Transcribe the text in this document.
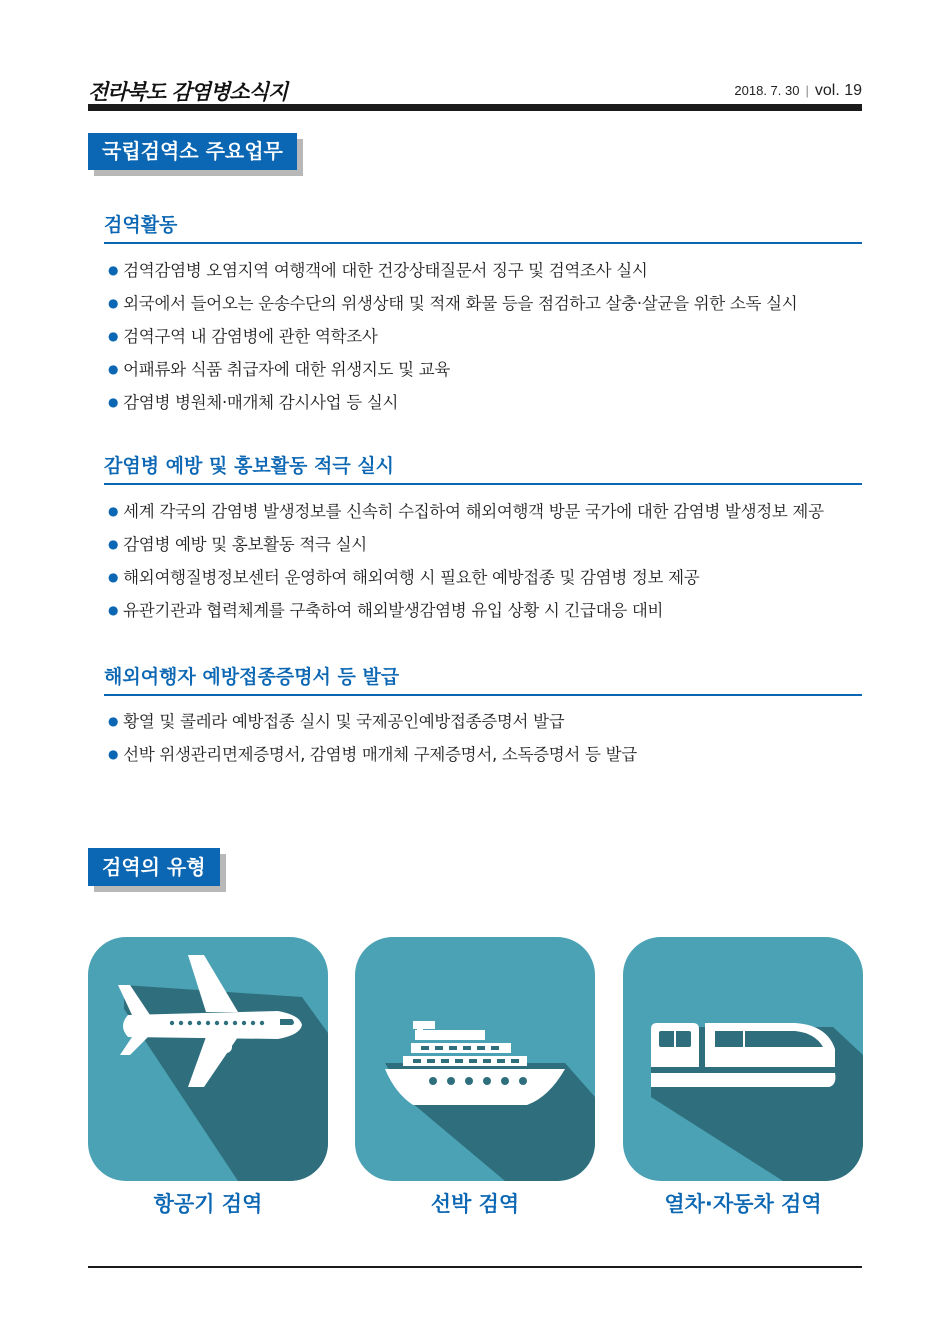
전라북도 감염병소식지	2018. 7. 30 | vol. 19
국립검역소 주요업무
검역활동
● 검역감염병 오염지역 여행객에 대한 건강상태질문서 징구 및 검역조사 실시
● 외국에서 들어오는 운송수단의 위생상태 및 적재 화물 등을 점검하고 살충·살균을 위한 소독 실시
● 검역구역 내 감염병에 관한 역학조사
● 어패류와 식품 취급자에 대한 위생지도 및 교육
● 감염병 병원체·매개체 감시사업 등 실시
감염병 예방 및 홍보활동 적극 실시
● 세계 각국의 감염병 발생정보를 신속히 수집하여 해외여행객 방문 국가에 대한 감염병 발생정보 제공
● 감염병 예방 및 홍보활동 적극 실시
● 해외여행질병정보센터 운영하여 해외여행 시 필요한 예방접종 및 감염병 정보 제공
● 유관기관과 협력체계를 구축하여 해외발생감염병 유입 상황 시 긴급대응 대비
해외여행자 예방접종증명서 등 발급
● 황열 및 콜레라 예방접종 실시 및 국제공인예방접종증명서 발급
● 선박 위생관리면제증명서, 감염병 매개체 구제증명서, 소독증명서 등 발급
검역의 유형
항공기 검역	선박 검역	열차·자동차 검역
